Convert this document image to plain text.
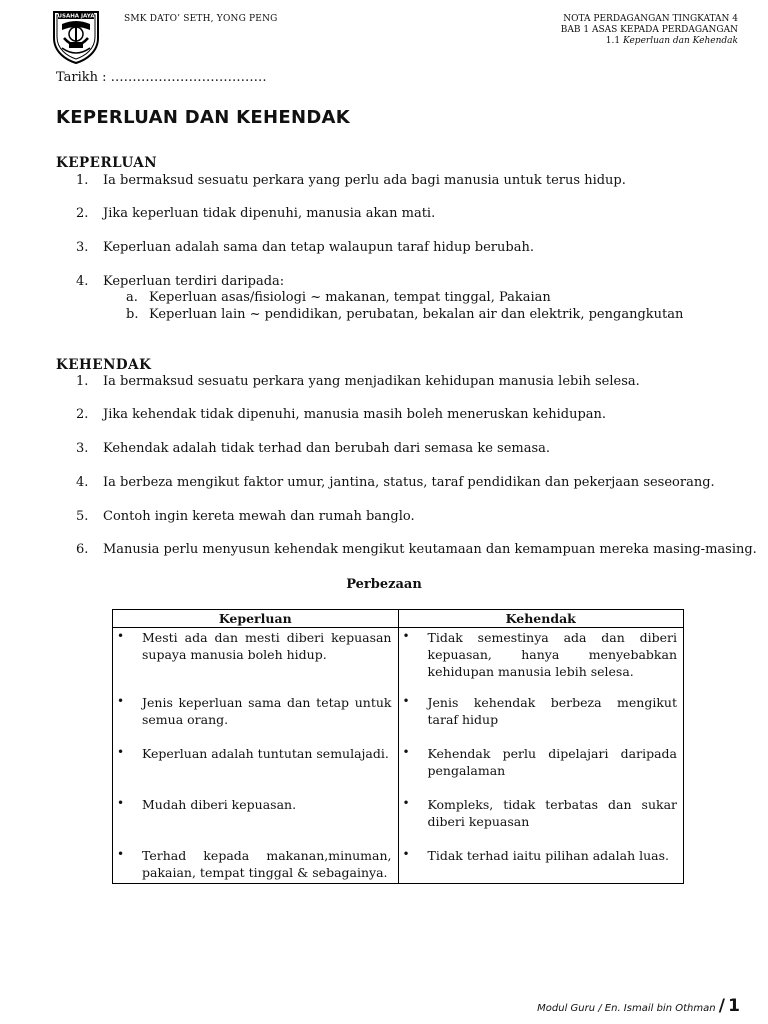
USAHA JAYA	SMK DATO’ SETH, YONG PENG	NOTA PERDAGANGAN TINGKATAN 4
BAB 1 ASAS KEPADA PERDAGANGAN
1.1 Keperluan dan Kehendak
Tarikh : ………………………………
KEPERLUAN DAN KEHENDAK
KEPERLUAN
1. Ia bermaksud sesuatu perkara yang perlu ada bagi manusia untuk terus hidup.
2. Jika keperluan tidak dipenuhi, manusia akan mati.
3. Keperluan adalah sama dan tetap walaupun taraf hidup berubah.
4. Keperluan terdiri daripada:
a. Keperluan asas/fisiologi ~ makanan, tempat tinggal, Pakaian
b. Keperluan lain ~ pendidikan, perubatan, bekalan air dan elektrik, pengangkutan
KEHENDAK
1. Ia bermaksud sesuatu perkara yang menjadikan kehidupan manusia lebih selesa.
2. Jika kehendak tidak dipenuhi, manusia masih boleh meneruskan kehidupan.
3. Kehendak adalah tidak terhad dan berubah dari semasa ke semasa.
4. Ia berbeza mengikut faktor umur, jantina, status, taraf pendidikan dan pekerjaan seseorang.
5. Contoh ingin kereta mewah dan rumah banglo.
6. Manusia perlu menyusun kehendak mengikut keutamaan dan kemampuan mereka masing-masing.
Perbezaan
Keperluan	Kehendak

• Mesti ada dan mesti diberi kepuasan supaya manusia boleh hidup.	• Tidak semestinya ada dan diberi kepuasan, hanya menyebabkan kehidupan manusia lebih selesa.

• Jenis keperluan sama dan tetap untuk semua orang.	• Jenis kehendak berbeza mengikut taraf hidup

• Keperluan adalah tuntutan semulajadi.	• Kehendak perlu dipelajari daripada pengalaman

• Mudah diberi kepuasan.	• Kompleks, tidak terbatas dan sukar diberi kepuasan

• Terhad kepada makanan,minuman, pakaian, tempat tinggal & sebagainya.	• Tidak terhad iaitu pilihan adalah luas.
Modul Guru / En. Ismail bin Othman / 1
